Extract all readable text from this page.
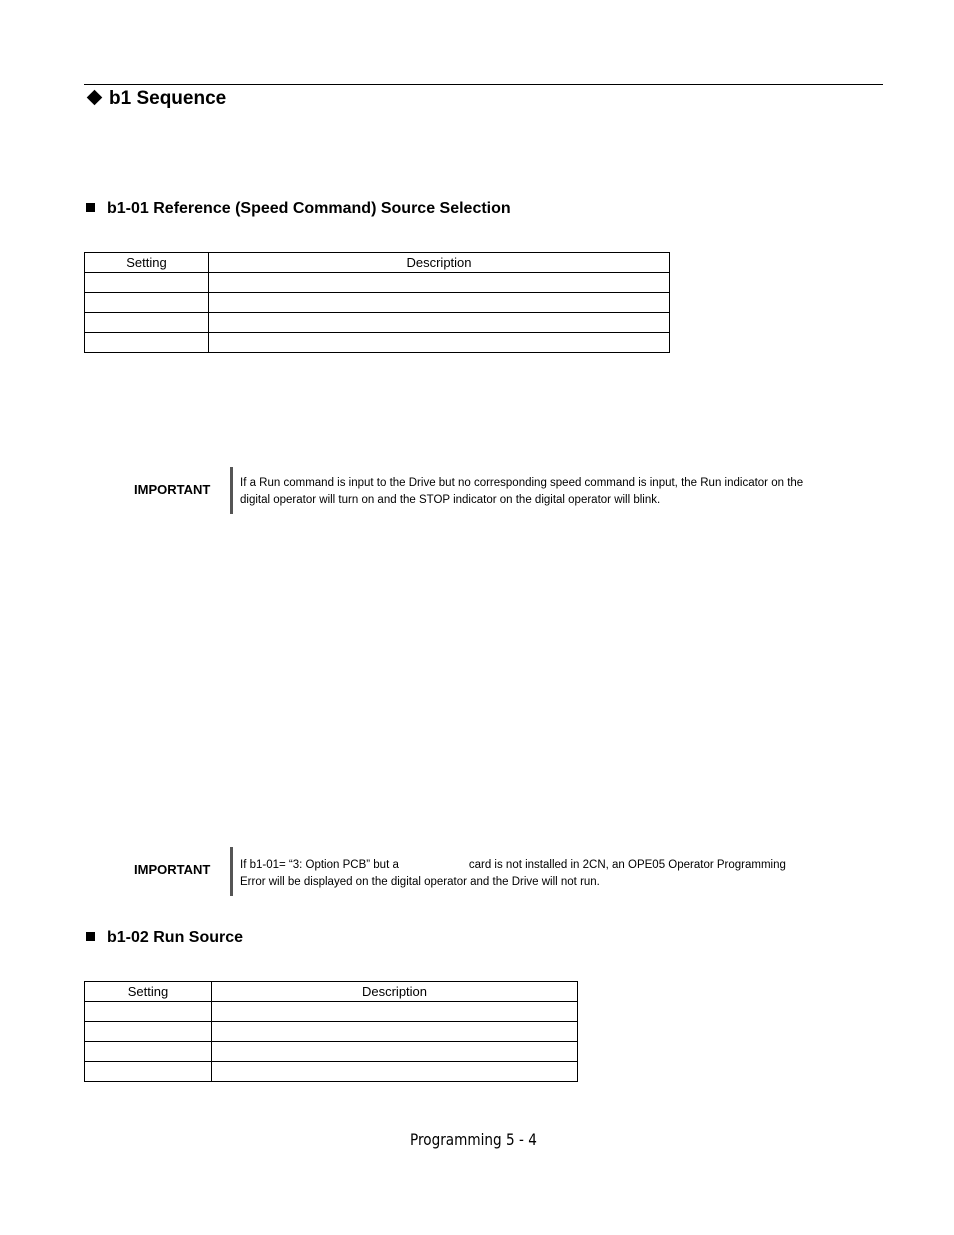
b1 Sequence
b1-01 Reference (Speed Command) Source Selection
Setting	Description

IMPORTANT	If a Run command is input to the Drive but no corresponding speed command is input, the Run indicator on the digital operator will turn on and the STOP indicator on the digital operator will blink.
IMPORTANT	If b1-01= “3: Option PCB” but a	card is not installed in 2CN, an OPE05 Operator Programming
Error will be displayed on the digital operator and the Drive will not run.
b1-02 Run Source
Setting	Description

Programming 5 - 4
